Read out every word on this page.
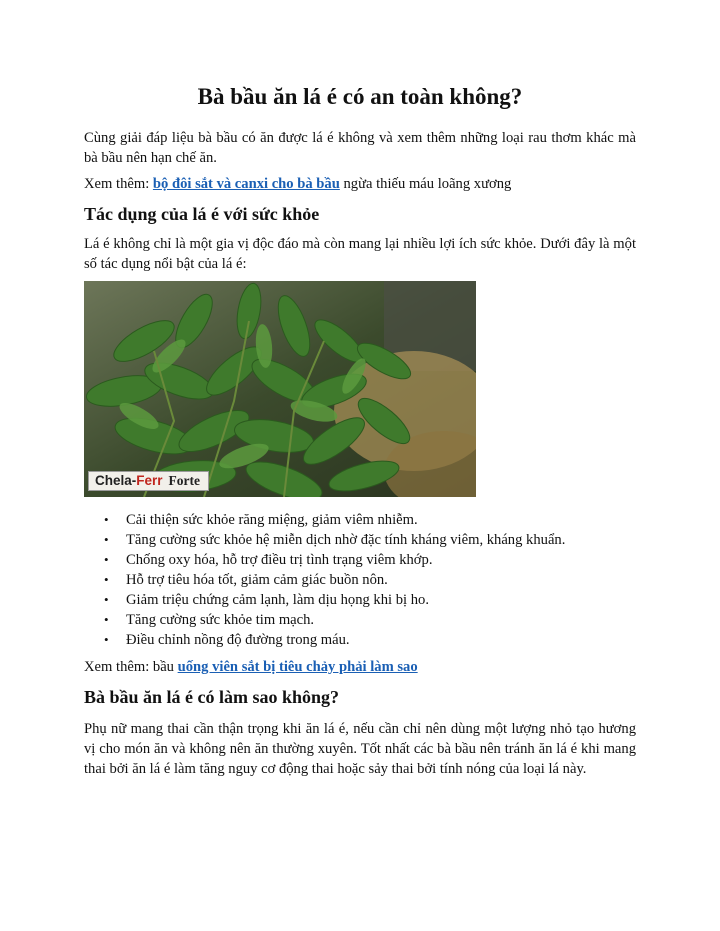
Bà bầu ăn lá é có an toàn không?

Cùng giải đáp liệu bà bầu có ăn được lá é không và xem thêm những loại rau thơm khác mà bà bầu nên hạn chế ăn.

Xem thêm: bộ đôi sắt và canxi cho bà bầu ngừa thiếu máu loãng xương

Tác dụng của lá é với sức khỏe

Lá é không chỉ là một gia vị độc đáo mà còn mang lại nhiều lợi ích sức khỏe. Dưới đây là một số tác dụng nổi bật của lá é:

Chela-Ferr Forte
• Cải thiện sức khỏe răng miệng, giảm viêm nhiễm.
• Tăng cường sức khỏe hệ miễn dịch nhờ đặc tính kháng viêm, kháng khuẩn.
• Chống oxy hóa, hỗ trợ điều trị tình trạng viêm khớp.
• Hỗ trợ tiêu hóa tốt, giảm cảm giác buồn nôn.
• Giảm triệu chứng cảm lạnh, làm dịu họng khi bị ho.
• Tăng cường sức khỏe tim mạch.
• Điều chỉnh nồng độ đường trong máu.

Xem thêm: bầu uống viên sắt bị tiêu chảy phải làm sao

Bà bầu ăn lá é có làm sao không?

Phụ nữ mang thai cần thận trọng khi ăn lá é, nếu cần chỉ nên dùng một lượng nhỏ tạo hương vị cho món ăn và không nên ăn thường xuyên. Tốt nhất các bà bầu nên tránh ăn lá é khi mang thai bởi ăn lá é làm tăng nguy cơ động thai hoặc sảy thai bởi tính nóng của loại lá này.
